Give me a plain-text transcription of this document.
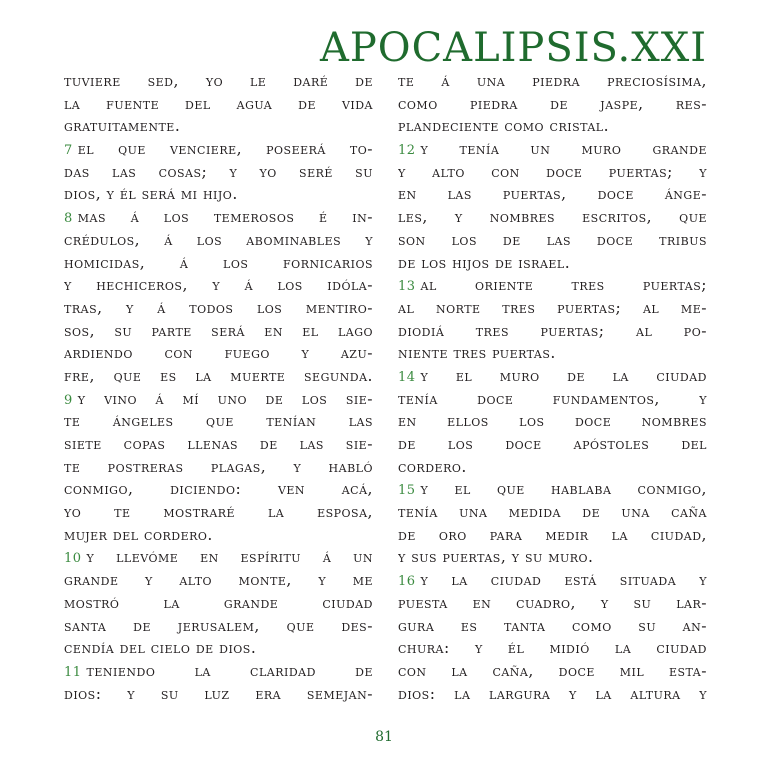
APOCALIPSIS.XXI
tuviere sed, yo le daré de
la fuente del agua de vida
gratuitamente.
7 el que venciere, poseerá to-
das las cosas; y yo seré su
dios, y él será mi hijo.
8 mas á los temerosos é in-
crédulos, á los abominables y
homicidas, á los fornicarios
y hechiceros, y á los idóla-
tras, y á todos los mentiro-
sos, su parte será en el lago
ardiendo con fuego y azu-
fre, que es la muerte segunda.
9 y vino á mí uno de los sie-
te ángeles que tenían las
siete copas llenas de las sie-
te postreras plagas, y habló
conmigo, diciendo: ven acá,
yo te mostraré la esposa,
mujer del cordero.
10 y llevóme en espíritu á un
grande y alto monte, y me
mostró la grande ciudad
santa de jerusalem, que des-
cendía del cielo de dios.
11 teniendo la claridad de
dios: y su luz era semejan-
te á una piedra preciosísima,
como piedra de jaspe, res-
plandeciente como cristal.
12 y tenía un muro grande
y alto con doce puertas; y
en las puertas, doce ánge-
les, y nombres escritos, que
son los de las doce tribus
de los hijos de israel.
13 al oriente tres puertas;
al norte tres puertas; al me-
diodiá tres puertas; al po-
niente tres puertas.
14 y el muro de la ciudad
tenía doce fundamentos, y
en ellos los doce nombres
de los doce apóstoles del
cordero.
15 y el que hablaba conmigo,
tenía una medida de una caña
de oro para medir la ciudad,
y sus puertas, y su muro.
16 y la ciudad está situada y
puesta en cuadro, y su lar-
gura es tanta como su an-
chura: y él midió la ciudad
con la caña, doce mil esta-
dios: la largura y la altura y
81
